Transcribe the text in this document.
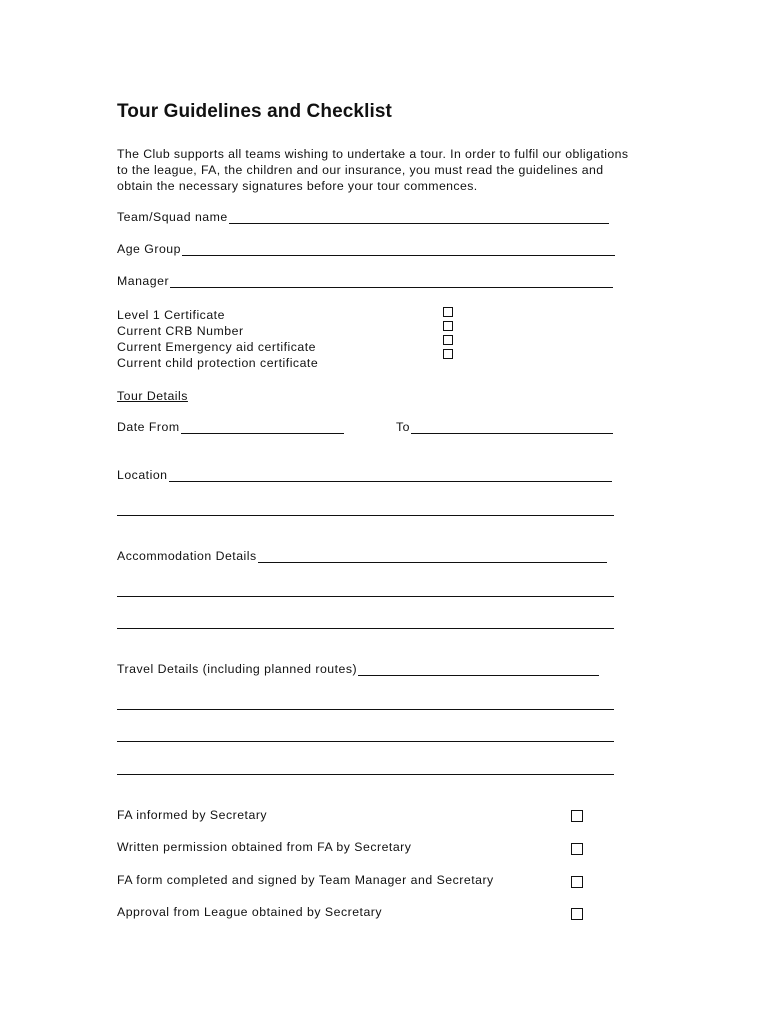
Tour Guidelines and Checklist
The Club supports all teams wishing to undertake a tour. In order to fulfil our obligations to the league, FA, the children and our insurance, you must read the guidelines and obtain the necessary signatures before your tour commences.
Team/Squad name
Age Group
Manager
Level 1 Certificate
Current CRB Number
Current Emergency aid certificate
Current child protection certificate
Tour Details
Date From	To
Location
Accommodation Details
Travel Details (including planned routes)
FA informed by Secretary
Written permission obtained from FA by Secretary
FA form completed and signed by Team Manager and Secretary
Approval from League obtained by Secretary
